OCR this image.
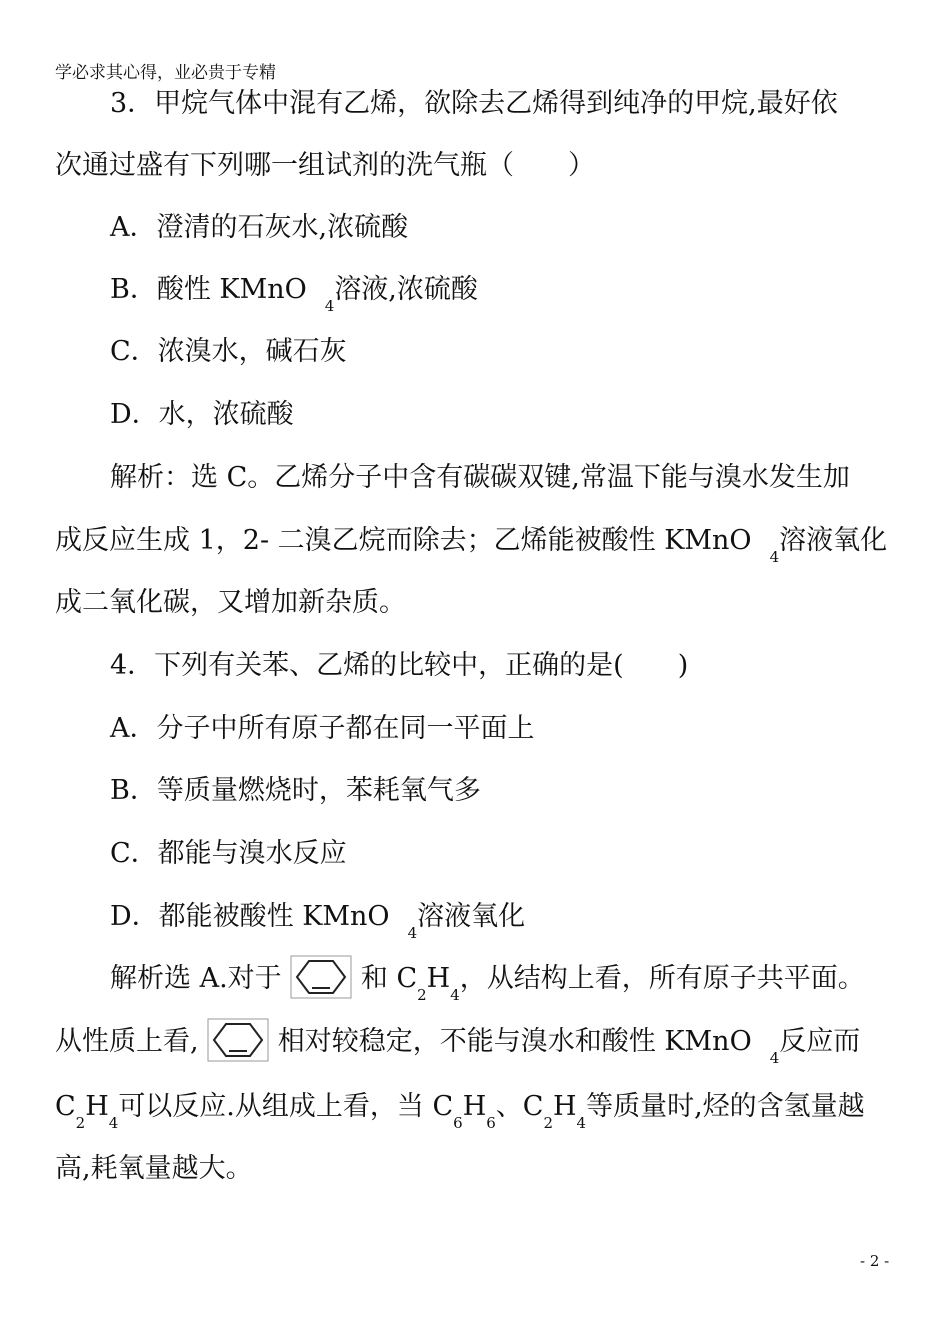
学必求其心得，业必贵于专精
3．甲烷气体中混有乙烯，欲除去乙烯得到纯净的甲烷,最好依
次通过盛有下列哪一组试剂的洗气瓶（　　）
A．澄清的石灰水,浓硫酸
B．酸性 KMnO4溶液,浓硫酸
C．浓溴水，碱石灰
D．水，浓硫酸
解析：选 C。乙烯分子中含有碳碳双键,常温下能与溴水发生加
成反应生成 1，2- 二溴乙烷而除去；乙烯能被酸性 KMnO4溶液氧化
成二氧化碳，又增加新杂质。
4．下列有关苯、乙烯的比较中，正确的是(　　)
A．分子中所有原子都在同一平面上
B．等质量燃烧时，苯耗氧气多
C．都能与溴水反应
D．都能被酸性 KMnO4溶液氧化
解析选 A.对于	和 C2H4，从结构上看，所有原子共平面。
从性质上看,	相对较稳定，不能与溴水和酸性 KMnO4反应而
C2H4可以反应.从组成上看，当 C6H6、C2H4等质量时,烃的含氢量越
高,耗氧量越大。
- 2 -
